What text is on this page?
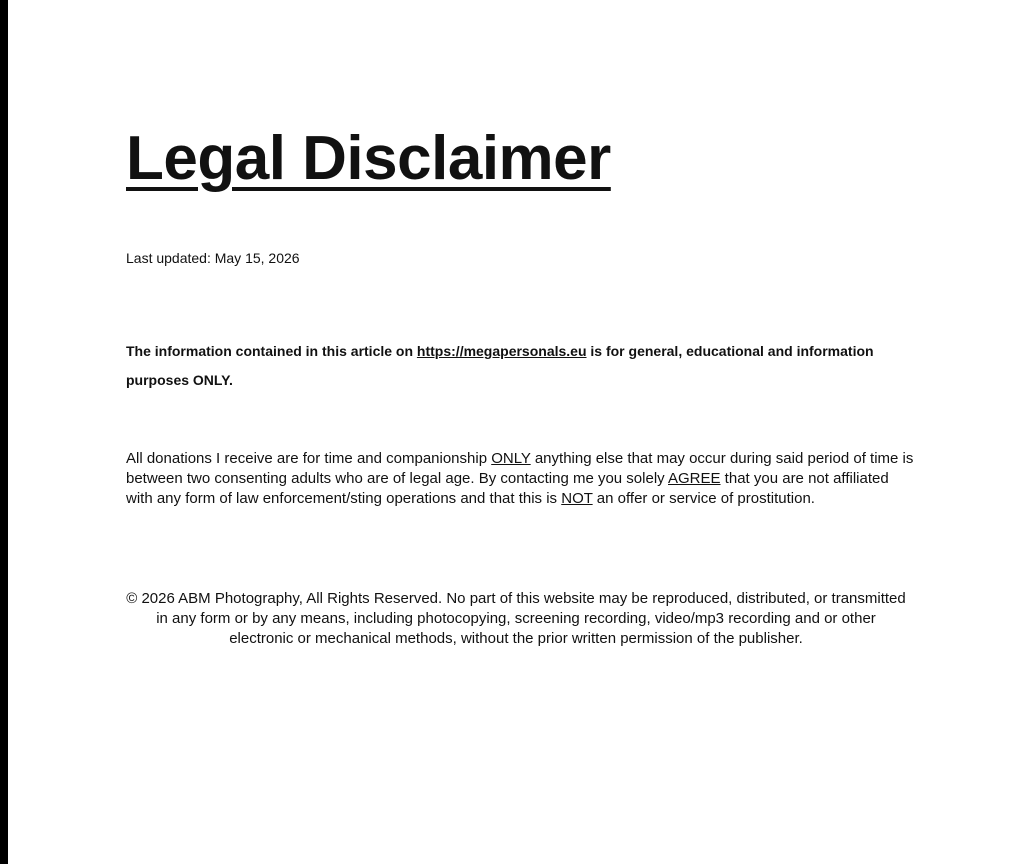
Legal Disclaimer

Last updated: May 15, 2026

The information contained in this article on https://megapersonals.eu is for general, educational and information purposes ONLY.

All donations I receive are for time and companionship ONLY anything else that may occur during said period of time is between two consenting adults who are of legal age. By contacting me you solely AGREE that you are not affiliated with any form of law enforcement/sting operations and that this is NOT an offer or service of prostitution.

© 2026 ABM Photography, All Rights Reserved. No part of this website may be reproduced, distributed, or transmitted in any form or by any means, including photocopying, screening recording, video/mp3 recording and or other electronic or mechanical methods, without the prior written permission of the publisher.
